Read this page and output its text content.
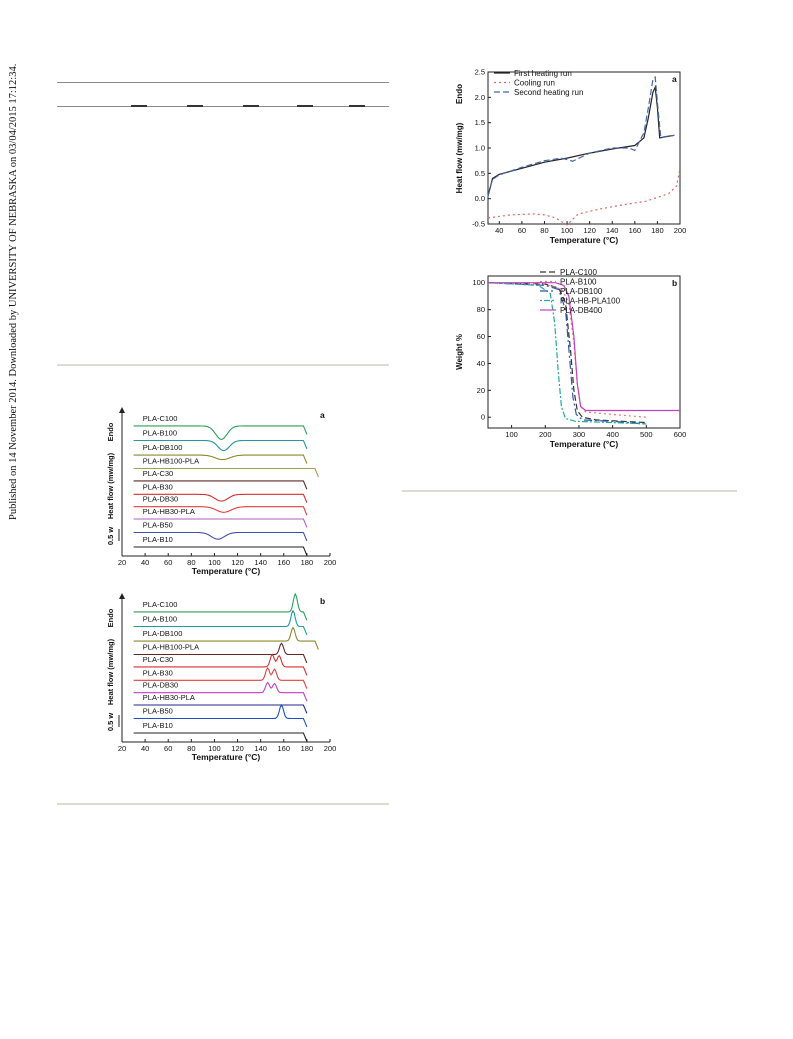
Published on 14 November 2014. Downloaded by UNIVERSITY OF NEBRASKA on 03/04/2015 17:12:34.	40 60 80 100 120 140 160 180 200
-0.5
0.0
0.5
1.0
1.5
2.0
2.5
Temperature (°C)
Heat flow (mw/mg)
Endo
a
First heating run
Cooling run
Second heating run
100	200	300	400	500	600
0
20
40
60
80
100
Temperature (°C)
Weight %
b
PLA-C100
PLA-B100
PLA-DB100
PLA-HB-PLA100
PLA-DB400
20 40 60 80 100 120 140 160 180 200
Temperature (°C)
Endo
Heat flow (mw/mg)
0.5 w
a
PLA-C100
PLA-B100
PLA-DB100
PLA-HB100-PLA
PLA-C30
PLA-B30
PLA-DB30
PLA-HB30-PLA
PLA-B50
PLA-B10
20 40 60 80 100 120 140 160 180 200
Temperature (°C)
Endo
Heat flow (mw/mg)
0.5 w
b
PLA-C100
PLA-B100
PLA-DB100
PLA-HB100-PLA
PLA-C30
PLA-B30
PLA-DB30
PLA-HB30-PLA
PLA-B50
PLA-B10
